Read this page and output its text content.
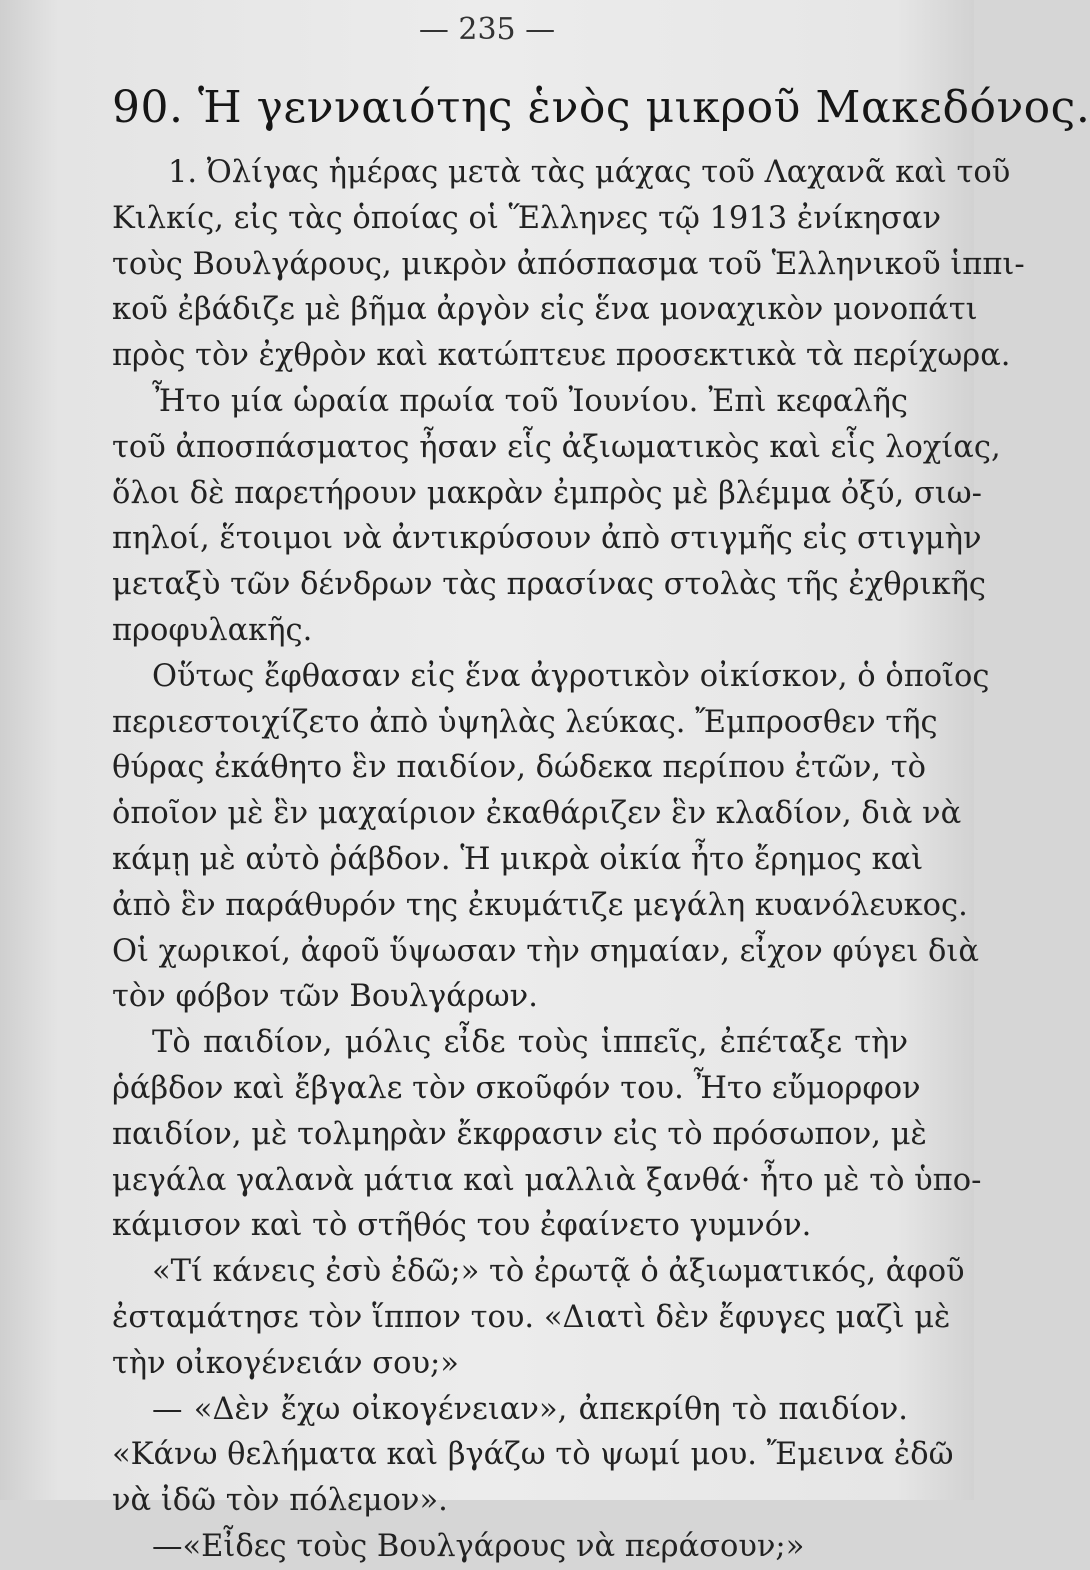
— 235 —
90. Ἡ γενναιότης ἑνὸς μικροῦ Μακεδόνος.
1. Ὀλίγας ἡμέρας μετὰ τὰς μάχας τοῦ Λαχανᾶ καὶ τοῦ
Κιλκίς, εἰς τὰς ὁποίας οἱ Ἕλληνες τῷ 1913 ἐνίκησαν
τοὺς Βουλγάρους, μικρὸν ἀπόσπασμα τοῦ Ἑλληνικοῦ ἱππι-
κοῦ ἐβάδιζε μὲ βῆμα ἀργὸν εἰς ἕνα μοναχικὸν μονοπάτι
πρὸς τὸν ἐχθρὸν καὶ κατώπτευε προσεκτικὰ τὰ περίχωρα.
Ἦτο μία ὡραία πρωία τοῦ Ἰουνίου. Ἐπὶ κεφαλῆς
τοῦ ἀποσπάσματος ἦσαν εἷς ἀξιωματικὸς καὶ εἷς λοχίας,
ὅλοι δὲ παρετήρουν μακρὰν ἐμπρὸς μὲ βλέμμα ὀξύ, σιω-
πηλοί, ἕτοιμοι νὰ ἀντικρύσουν ἀπὸ στιγμῆς εἰς στιγμὴν
μεταξὺ τῶν δένδρων τὰς πρασίνας στολὰς τῆς ἐχθρικῆς
προφυλακῆς.
Οὕτως ἔφθασαν εἰς ἕνα ἀγροτικὸν οἰκίσκον, ὁ ὁποῖος
περιεστοιχίζετο ἀπὸ ὑψηλὰς λεύκας. Ἔμπροσθεν τῆς
θύρας ἐκάθητο ἓν παιδίον, δώδεκα περίπου ἐτῶν, τὸ
ὁποῖον μὲ ἓν μαχαίριον ἐκαθάριζεν ἓν κλαδίον, διὰ νὰ
κάμῃ μὲ αὐτὸ ῥάβδον. Ἡ μικρὰ οἰκία ἦτο ἔρημος καὶ
ἀπὸ ἓν παράθυρόν της ἐκυμάτιζε μεγάλη κυανόλευκος.
Οἱ χωρικοί, ἀφοῦ ὕψωσαν τὴν σημαίαν, εἶχον φύγει διὰ
τὸν φόβον τῶν Βουλγάρων.
Τὸ παιδίον, μόλις εἶδε τοὺς ἱππεῖς, ἐπέταξε τὴν
ῥάβδον καὶ ἔβγαλε τὸν σκοῦφόν του. Ἦτο εὔμορφον
παιδίον, μὲ τολμηρὰν ἔκφρασιν εἰς τὸ πρόσωπον, μὲ
μεγάλα γαλανὰ μάτια καὶ μαλλιὰ ξανθά· ἦτο μὲ τὸ ὑπο-
κάμισον καὶ τὸ στῆθός του ἐφαίνετο γυμνόν.
«Τί κάνεις ἐσὺ ἐδῶ;» τὸ ἐρωτᾷ ὁ ἀξιωματικός, ἀφοῦ
ἐσταμάτησε τὸν ἵππον του. «Διατὶ δὲν ἔφυγες μαζὶ μὲ
τὴν οἰκογένειάν σου;»
— «Δὲν ἔχω οἰκογένειαν», ἀπεκρίθη τὸ παιδίον.
«Κάνω θελήματα καὶ βγάζω τὸ ψωμί μου. Ἔμεινα ἐδῶ
νὰ ἰδῶ τὸν πόλεμον».
—«Εἶδες τοὺς Βουλγάρους νὰ περάσουν;»
